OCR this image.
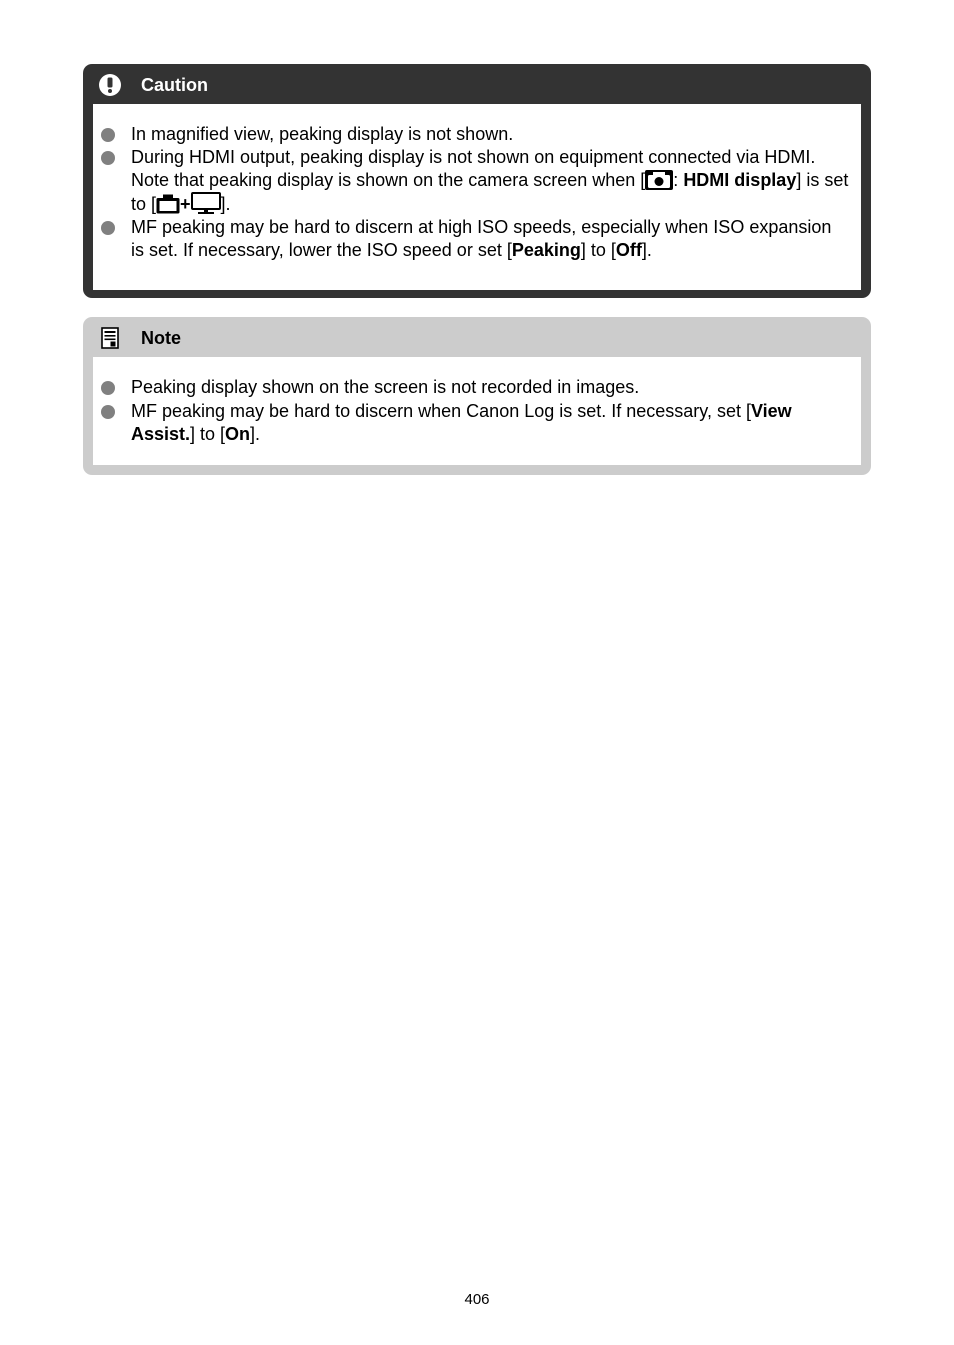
Caution
In magnified view, peaking display is not shown.
During HDMI output, peaking display is not shown on equipment connected via HDMI. Note that peaking display is shown on the camera screen when [ : HDMI display] is set to [ + ].
MF peaking may be hard to discern at high ISO speeds, especially when ISO expansion is set. If necessary, lower the ISO speed or set [Peaking] to [Off].
Note
Peaking display shown on the screen is not recorded in images.
MF peaking may be hard to discern when Canon Log is set. If necessary, set [View Assist.] to [On].
406
